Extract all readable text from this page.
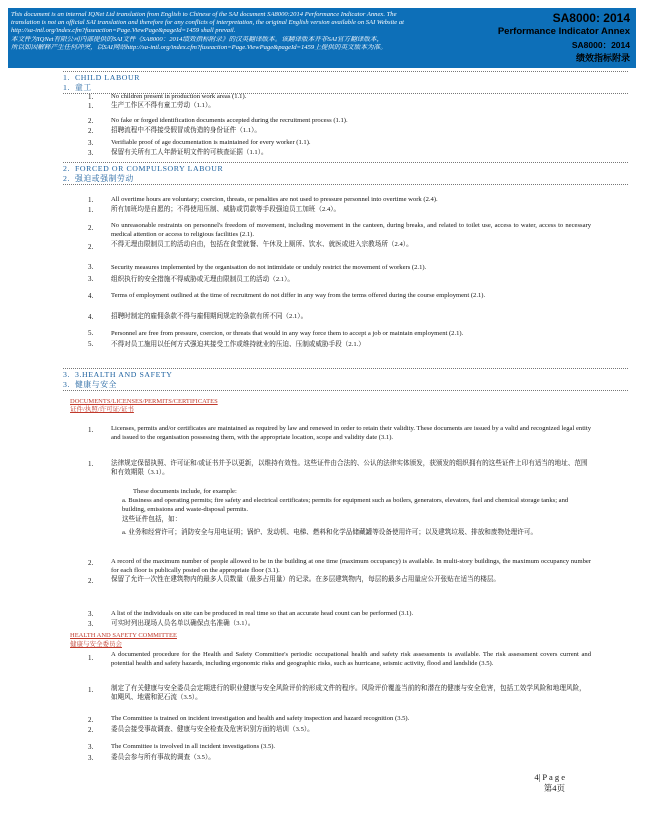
This document is an internal IQNet Ltd translation from English to Chinese of the SAI document SA8000:2014 Performance Indicator Annex. The
translation is not an official SAI translation and therefore for any conflicts of interpretation, the original English version available on SAI Website at
http://sa-intl.org/index.cfm?fuseaction=Page.ViewPage&pageId=1459 shall prevail.
本文件为IQNet有限公司内部提供的SAI文件《SA8000：2014绩效指标附录》的汉英翻译版本。该翻译版本并非SAI官方翻译版本，
所以如因解释产生任何冲突，以SAI网站http://sa-intl.org/index.cfm?fuseaction=Page.ViewPage&pageId=1459上提供的英文版本为准。
SA8000: 2014
Performance Indicator Annex
SA8000：2014
绩效指标附录
1. CHILD LABOUR
1. 童工
1.	No children present in production work areas (1.1).
1.	生产工作区不得有童工劳动（1.1）。
2.	No fake or forged identification documents accepted during the recruitment process (1.1).
2.	招聘流程中不得接受假冒或伪造的身份证件（1.1）。
3.	Verifiable proof of age documentation is maintained for every worker (1.1).
3.	保留有关所有工人年龄证明文件的可核查证据（1.1）。
2. FORCED OR COMPULSORY LABOUR
2. 强迫或强制劳动
1.	All overtime hours are voluntary; coercion, threats, or penalties are not used to pressure personnel into overtime work (2.4).
1.	所有加班均是自愿的；不得使用压制、威胁或罚款等手段强迫员工加班（2.4）。
2.	No unreasonable restraints on personnel's freedom of movement, including movement in the canteen, during breaks, and related to toilet use, access to water, access to necessary medical attention or access to religious facilities (2.1).
2.	不得无理由限制员工的活动自由，包括在食堂就餐、午休及上厕所、饮水、就医或进入宗教场所（2.4）。
3.	Security measures implemented by the organisation do not intimidate or unduly restrict the movement of workers (2.1).
3.	组织执行的安全措施不得威胁或无理由限制员工的活动（2.1）。
4.	Terms of employment outlined at the time of recruitment do not differ in any way from the terms offered during the course employment (2.1).
4.	招聘时制定的雇佣条款不得与雇佣期间规定的条款有所不同（2.1）。
5.	Personnel are free from pressure, coercion, or threats that would in any way force them to accept a job or maintain employment (2.1).
5.	不得对员工施用以任何方式强迫其接受工作或维持就业的压迫、压制或威胁手段（2.1.）
3. 3.HEALTH AND SAFETY
3. 健康与安全
DOCUMENTS/LICENSES/PERMITS/CERTIFICATES
证件/执照/许可证/证书
1.	Licenses, permits and/or certificates are maintained as required by law and renewed in order to retain their validity. These documents are issued by a valid and recognized legal entity and issued to the organisation possessing them, with the appropriate location, scope and validity date (3.1).
1.	法律规定保留执照、许可证和/或证书并予以更新，以维持有效性。这些证件由合法的、公认的法律实体颁发，获颁发的组织拥有的这些证件上印有适当的地址、范围和有效期限（3.1）。
These documents include, for example:
a. Business and operating permits; fire safety and electrical certificates; permits for equipment such as boilers, generators, elevators, fuel and chemical storage tanks; and building, emissions and waste-disposal permits.
这些证件包括，如：
a. 业务和经营许可；消防安全与用电证明；锅炉、发动机、电梯、燃料和化学品储藏罐等设备使用许可；以及建筑垃圾、排放和废物处理许可。
2.	A record of the maximum number of people allowed to be in the building at one time (maximum occupancy) is available. In multi-story buildings, the maximum occupancy number for each floor is publically posted on the appropriate floor (3.1).
2.	保留了允许一次性在建筑物内的最多人员数量（最多占用量）的记录。在多层建筑物内，每层的最多占用量应公开张贴在适当的楼层。
3.	A list of the individuals on site can be produced in real time so that an accurate head count can be performed (3.1).
3.	可实时列出现场人员名单以确保点名准确（3.1）。
HEALTH AND SAFETY COMMITTEE
健康与安全委员会
1.	A documented procedure for the Health and Safety Committee's periodic occupational health and safety risk assessments is available. The risk assessment covers current and potential health and safety hazards, including ergonomic risks and geographic risks, such as hurricane, seismic activity, flood and landslide (3.5).
1.	制定了有关健康与安全委员会定期进行的职业健康与安全风险评价的形成文件的程序。风险评价覆盖当前的和潜在的健康与安全危害，包括工效学风险和地理风险，如飓风、地震和泥石流（3.5）。
2.	The Committee is trained on incident investigation and health and safety inspection and hazard recognition (3.5).
2.	委员会接受事故调查、健康与安全检查及危害识别方面的培训（3.5）。
3.	The Committee is involved in all incident investigations (3.5).
3.	委员会参与所有事故的调查（3.5）。
4| P a g e
第4页
